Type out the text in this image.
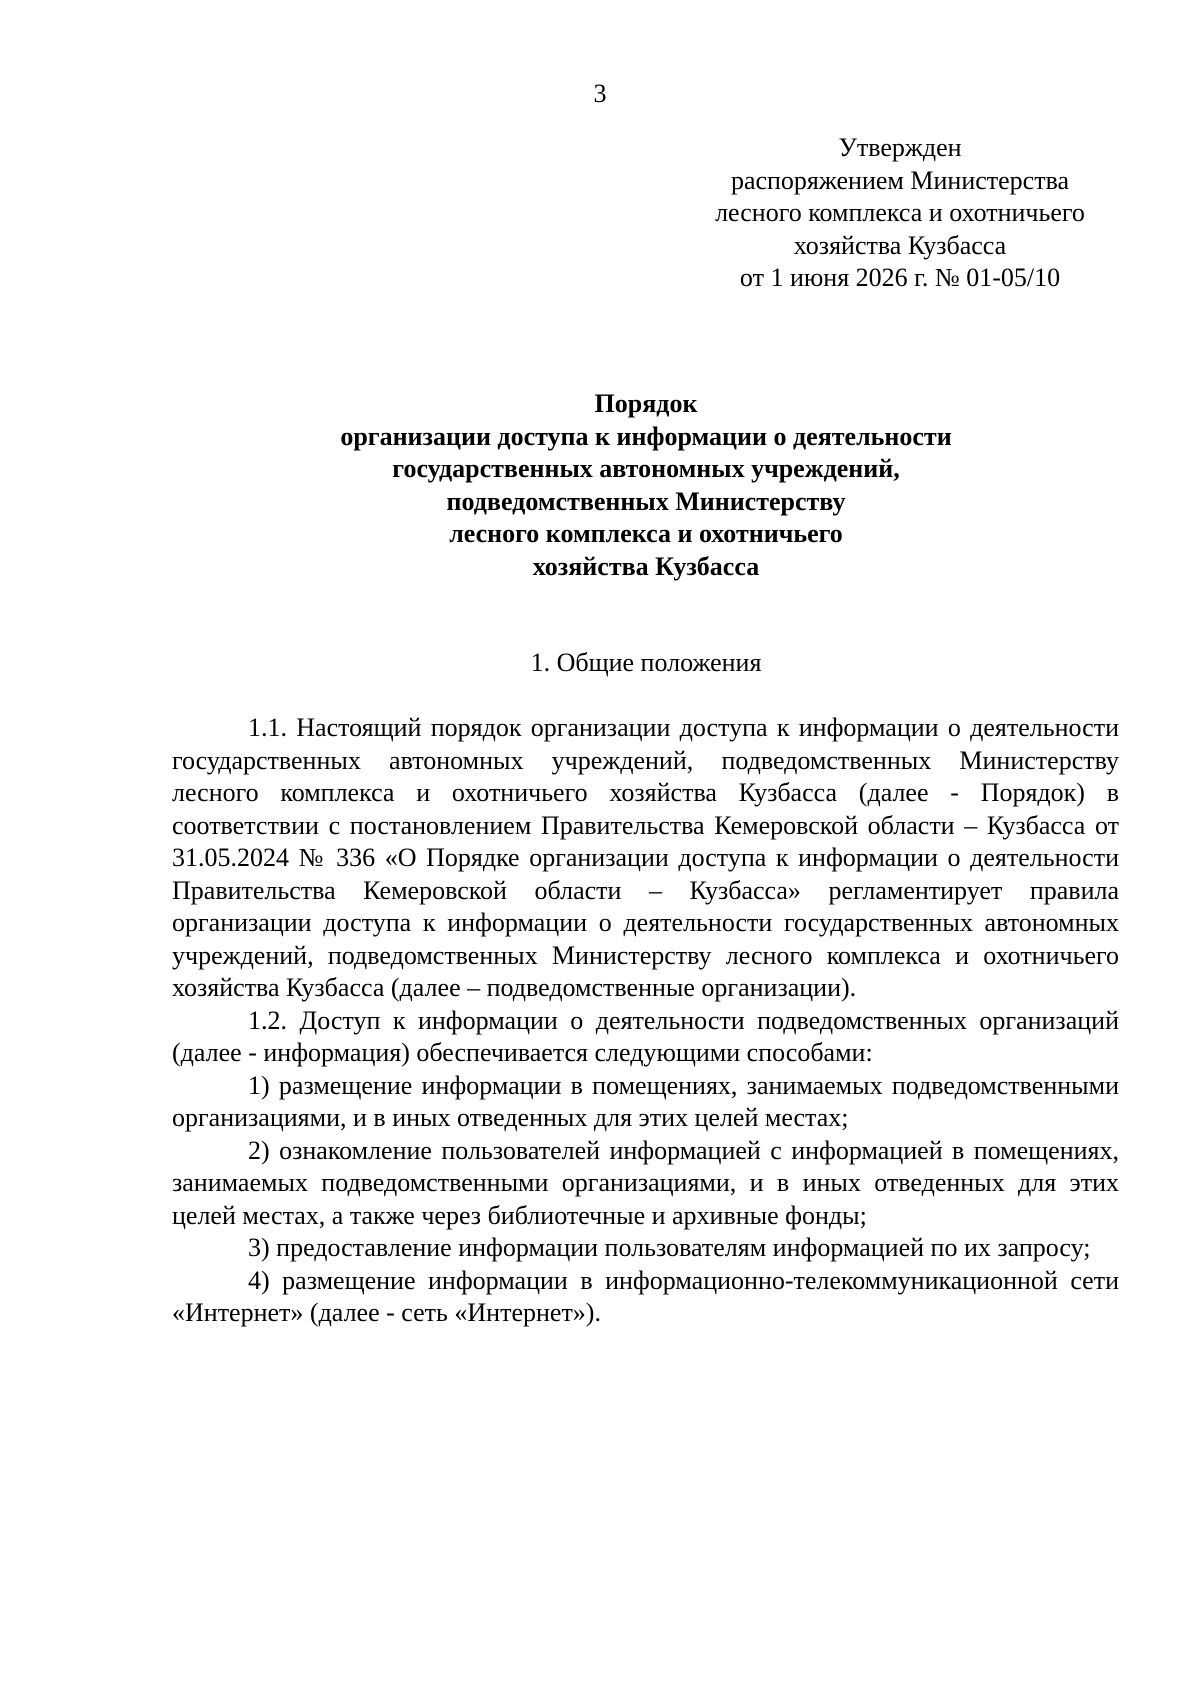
3
Утвержден
распоряжением Министерства
лесного комплекса и охотничьего
хозяйства Кузбасса
от 1 июня 2026 г. № 01-05/10
Порядок
организации доступа к информации о деятельности
государственных автономных учреждений,
подведомственных Министерству
лесного комплекса и охотничьего
хозяйства Кузбасса
1. Общие положения

1.1. Настоящий порядок организации доступа к информации о деятельности государственных автономных учреждений, подведомственных Министерству лесного комплекса и охотничьего хозяйства Кузбасса (далее - Порядок) в соответствии с постановлением Правительства Кемеровской области – Кузбасса от 31.05.2024 № 336 «О Порядке организации доступа к информации о деятельности Правительства Кемеровской области – Кузбасса» регламентирует правила организации доступа к информации о деятельности государственных автономных учреждений, подведомственных Министерству лесного комплекса и охотничьего хозяйства Кузбасса (далее – подведомственные организации).

1.2. Доступ к информации о деятельности подведомственных организаций (далее - информация) обеспечивается следующими способами:

1) размещение информации в помещениях, занимаемых подведомственными организациями, и в иных отведенных для этих целей местах;

2) ознакомление пользователей информацией с информацией в помещениях, занимаемых подведомственными организациями, и в иных отведенных для этих целей местах, а также через библиотечные и архивные фонды;

3) предоставление информации пользователям информацией по их запросу;

4) размещение информации в информационно-телекоммуникационной сети «Интернет» (далее - сеть «Интернет»).
